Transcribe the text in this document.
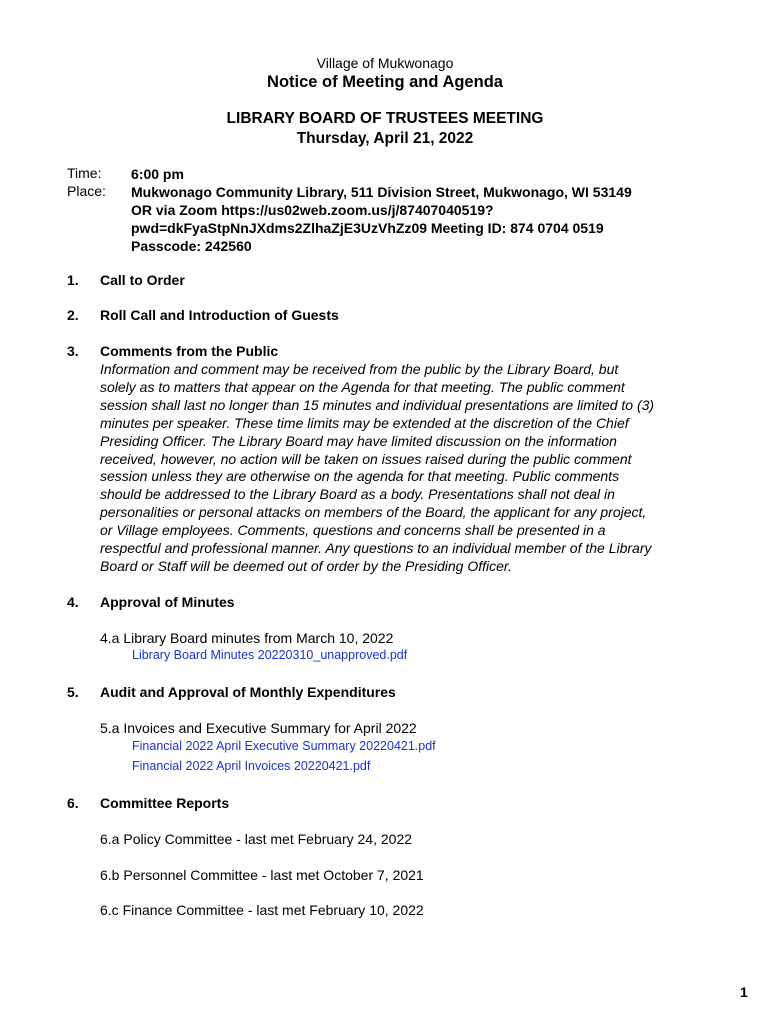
Village of Mukwonago
Notice of Meeting and Agenda
LIBRARY BOARD OF TRUSTEES MEETING
Thursday, April 21, 2022
Time: 6:00 pm
Place: Mukwonago Community Library, 511 Division Street, Mukwonago, WI 53149
OR via Zoom https://us02web.zoom.us/j/87407040519?
pwd=dkFyaStpNnJXdms2ZlhaZjE3UzVhZz09 Meeting ID: 874 0704 0519
Passcode: 242560
1. Call to Order
2. Roll Call and Introduction of Guests
3. Comments from the Public
Information and comment may be received from the public by the Library Board, but
solely as to matters that appear on the Agenda for that meeting. The public comment
session shall last no longer than 15 minutes and individual presentations are limited to (3)
minutes per speaker. These time limits may be extended at the discretion of the Chief
Presiding Officer. The Library Board may have limited discussion on the information
received, however, no action will be taken on issues raised during the public comment
session unless they are otherwise on the agenda for that meeting. Public comments
should be addressed to the Library Board as a body. Presentations shall not deal in
personalities or personal attacks on members of the Board, the applicant for any project,
or Village employees. Comments, questions and concerns shall be presented in a
respectful and professional manner. Any questions to an individual member of the Library
Board or Staff will be deemed out of order by the Presiding Officer.
4. Approval of Minutes
4.a Library Board minutes from March 10, 2022
Library Board Minutes 20220310_unapproved.pdf
5. Audit and Approval of Monthly Expenditures
5.a Invoices and Executive Summary for April 2022
Financial 2022 April Executive Summary 20220421.pdf
Financial 2022 April Invoices 20220421.pdf
6. Committee Reports
6.a Policy Committee - last met February 24, 2022
6.b Personnel Committee - last met October 7, 2021
6.c Finance Committee - last met February 10, 2022
1
